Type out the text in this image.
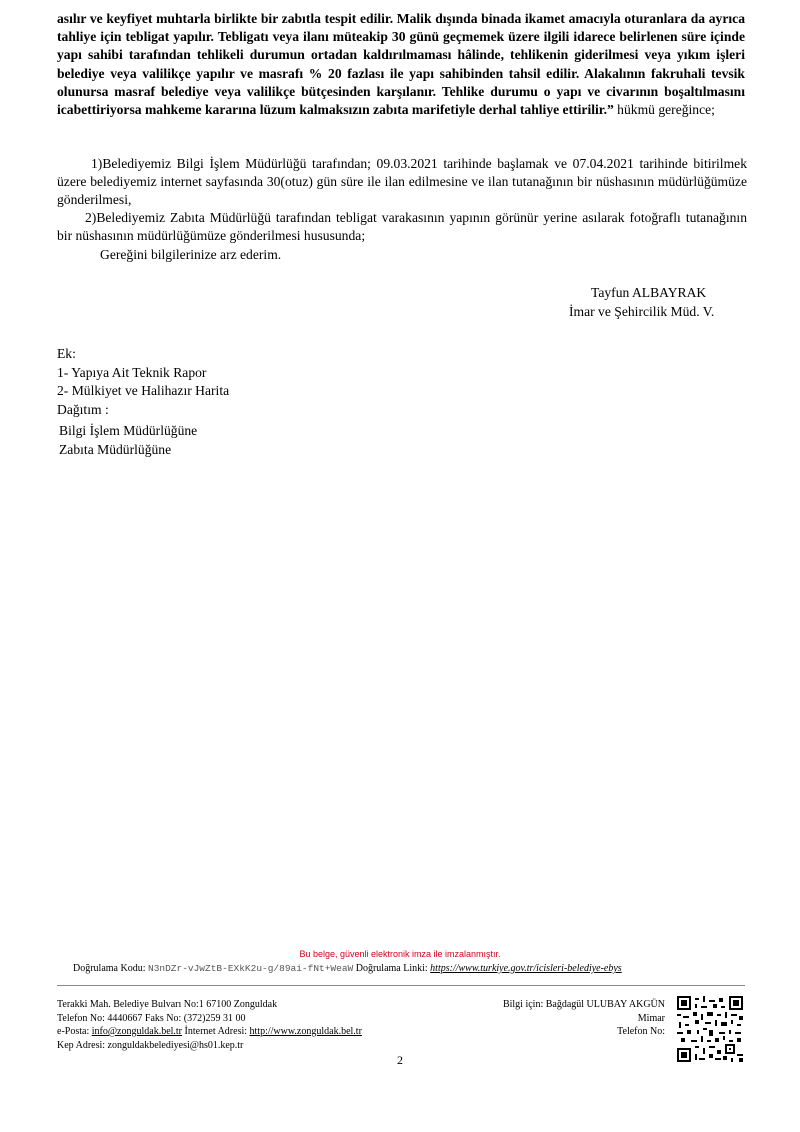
asılır ve keyfiyet muhtarla birlikte bir zabıtla tespit edilir. Malik dışında binada ikamet amacıyla oturanlara da ayrıca tahliye için tebligat yapılır. Tebligatı veya ilanı müteakip 30 günü geçmemek üzere ilgili idarece belirlenen süre içinde yapı sahibi tarafından tehlikeli durumun ortadan kaldırılmaması hâlinde, tehlikenin giderilmesi veya yıkım işleri belediye veya valilikçe yapılır ve masrafı % 20 fazlası ile yapı sahibinden tahsil edilir. Alakalının fakruhali tevsik olunursa masraf belediye veya valilikçe bütçesinden karşılanır. Tehlike durumu o yapı ve civarının boşaltılmasını icabettiriyorsa mahkeme kararına lüzum kalmaksızın zabıta marifetiyle derhal tahliye ettirilir.” hükmü gereğince;
1)Belediyemiz Bilgi İşlem Müdürlüğü tarafından; 09.03.2021 tarihinde başlamak ve 07.04.2021 tarihinde bitirilmek üzere belediyemiz internet sayfasında 30(otuz) gün süre ile ilan edilmesine ve ilan tutanağının bir nüshasının müdürlüğümüze gönderilmesi,
2)Belediyemiz Zabıta Müdürlüğü tarafından tebligat varakasının yapının görünür yerine asılarak fotoğraflı tutanağının bir nüshasının müdürlüğümüze gönderilmesi hususunda;
Gereğini bilgilerinize arz ederim.
Tayfun ALBAYRAK
İmar ve Şehircilik Müd. V.
Ek:
1- Yapıya Ait Teknik Rapor
2- Mülkiyet ve Halihazır Harita
Dağıtım :
Bilgi İşlem Müdürlüğüne
Zabıta Müdürlüğüne
Bu belge, güvenli elektronik imza ile imzalanmıştır.
Doğrulama Kodu: N3nDZr-vJwZtB-EXkK2u-g/89ai-fNt+WeaW Doğrulama Linki: https://www.turkiye.gov.tr/icisleri-belediye-ebys
Terakki Mah. Belediye Bulvarı No:1 67100 Zonguldak
Telefon No: 4440667 Faks No: (372)259 31 00
e-Posta: info@zonguldak.bel.tr İnternet Adresi: http://www.zonguldak.bel.tr
Kep Adresi: zonguldakbelediyesi@hs01.kep.tr
Bilgi için: Bağdagül ULUBAY AKGÜN
Mimar
Telefon No:
2
